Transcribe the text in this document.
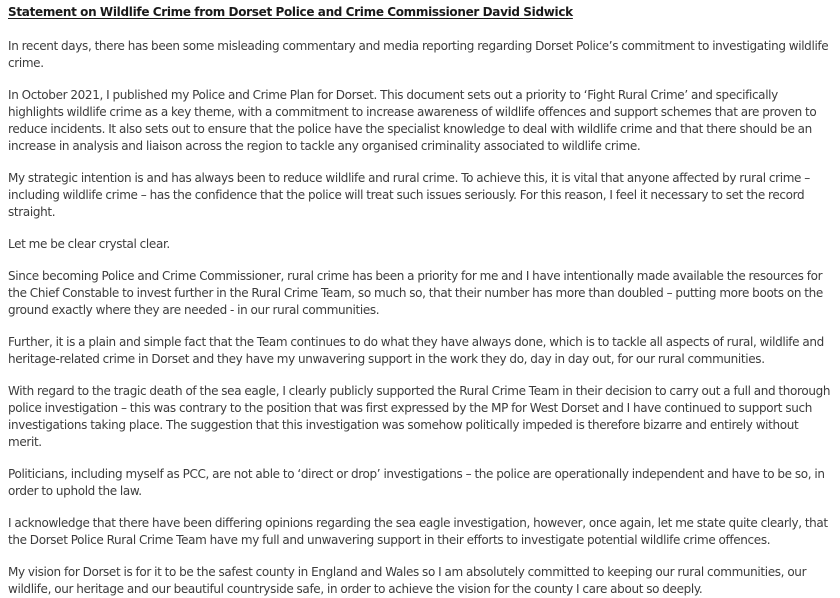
Statement on Wildlife Crime from Dorset Police and Crime Commissioner David Sidwick

In recent days, there has been some misleading commentary and media reporting regarding Dorset Police’s commitment to investigating wildlife crime.

In October 2021, I published my Police and Crime Plan for Dorset. This document sets out a priority to ‘Fight Rural Crime’ and specifically highlights wildlife crime as a key theme, with a commitment to increase awareness of wildlife offences and support schemes that are proven to reduce incidents. It also sets out to ensure that the police have the specialist knowledge to deal with wildlife crime and that there should be an increase in analysis and liaison across the region to tackle any organised criminality associated to wildlife crime.

My strategic intention is and has always been to reduce wildlife and rural crime. To achieve this, it is vital that anyone affected by rural crime – including wildlife crime – has the confidence that the police will treat such issues seriously. For this reason, I feel it necessary to set the record straight.

Let me be clear crystal clear.

Since becoming Police and Crime Commissioner, rural crime has been a priority for me and I have intentionally made available the resources for the Chief Constable to invest further in the Rural Crime Team, so much so, that their number has more than doubled – putting more boots on the ground exactly where they are needed - in our rural communities.

Further, it is a plain and simple fact that the Team continues to do what they have always done, which is to tackle all aspects of rural, wildlife and heritage-related crime in Dorset and they have my unwavering support in the work they do, day in day out, for our rural communities.

With regard to the tragic death of the sea eagle, I clearly publicly supported the Rural Crime Team in their decision to carry out a full and thorough police investigation – this was contrary to the position that was first expressed by the MP for West Dorset and I have continued to support such investigations taking place. The suggestion that this investigation was somehow politically impeded is therefore bizarre and entirely without merit.

Politicians, including myself as PCC, are not able to ‘direct or drop’ investigations – the police are operationally independent and have to be so, in order to uphold the law.

I acknowledge that there have been differing opinions regarding the sea eagle investigation, however, once again, let me state quite clearly, that the Dorset Police Rural Crime Team have my full and unwavering support in their efforts to investigate potential wildlife crime offences.

My vision for Dorset is for it to be the safest county in England and Wales so I am absolutely committed to keeping our rural communities, our wildlife, our heritage and our beautiful countryside safe, in order to achieve the vision for the county I care about so deeply.
